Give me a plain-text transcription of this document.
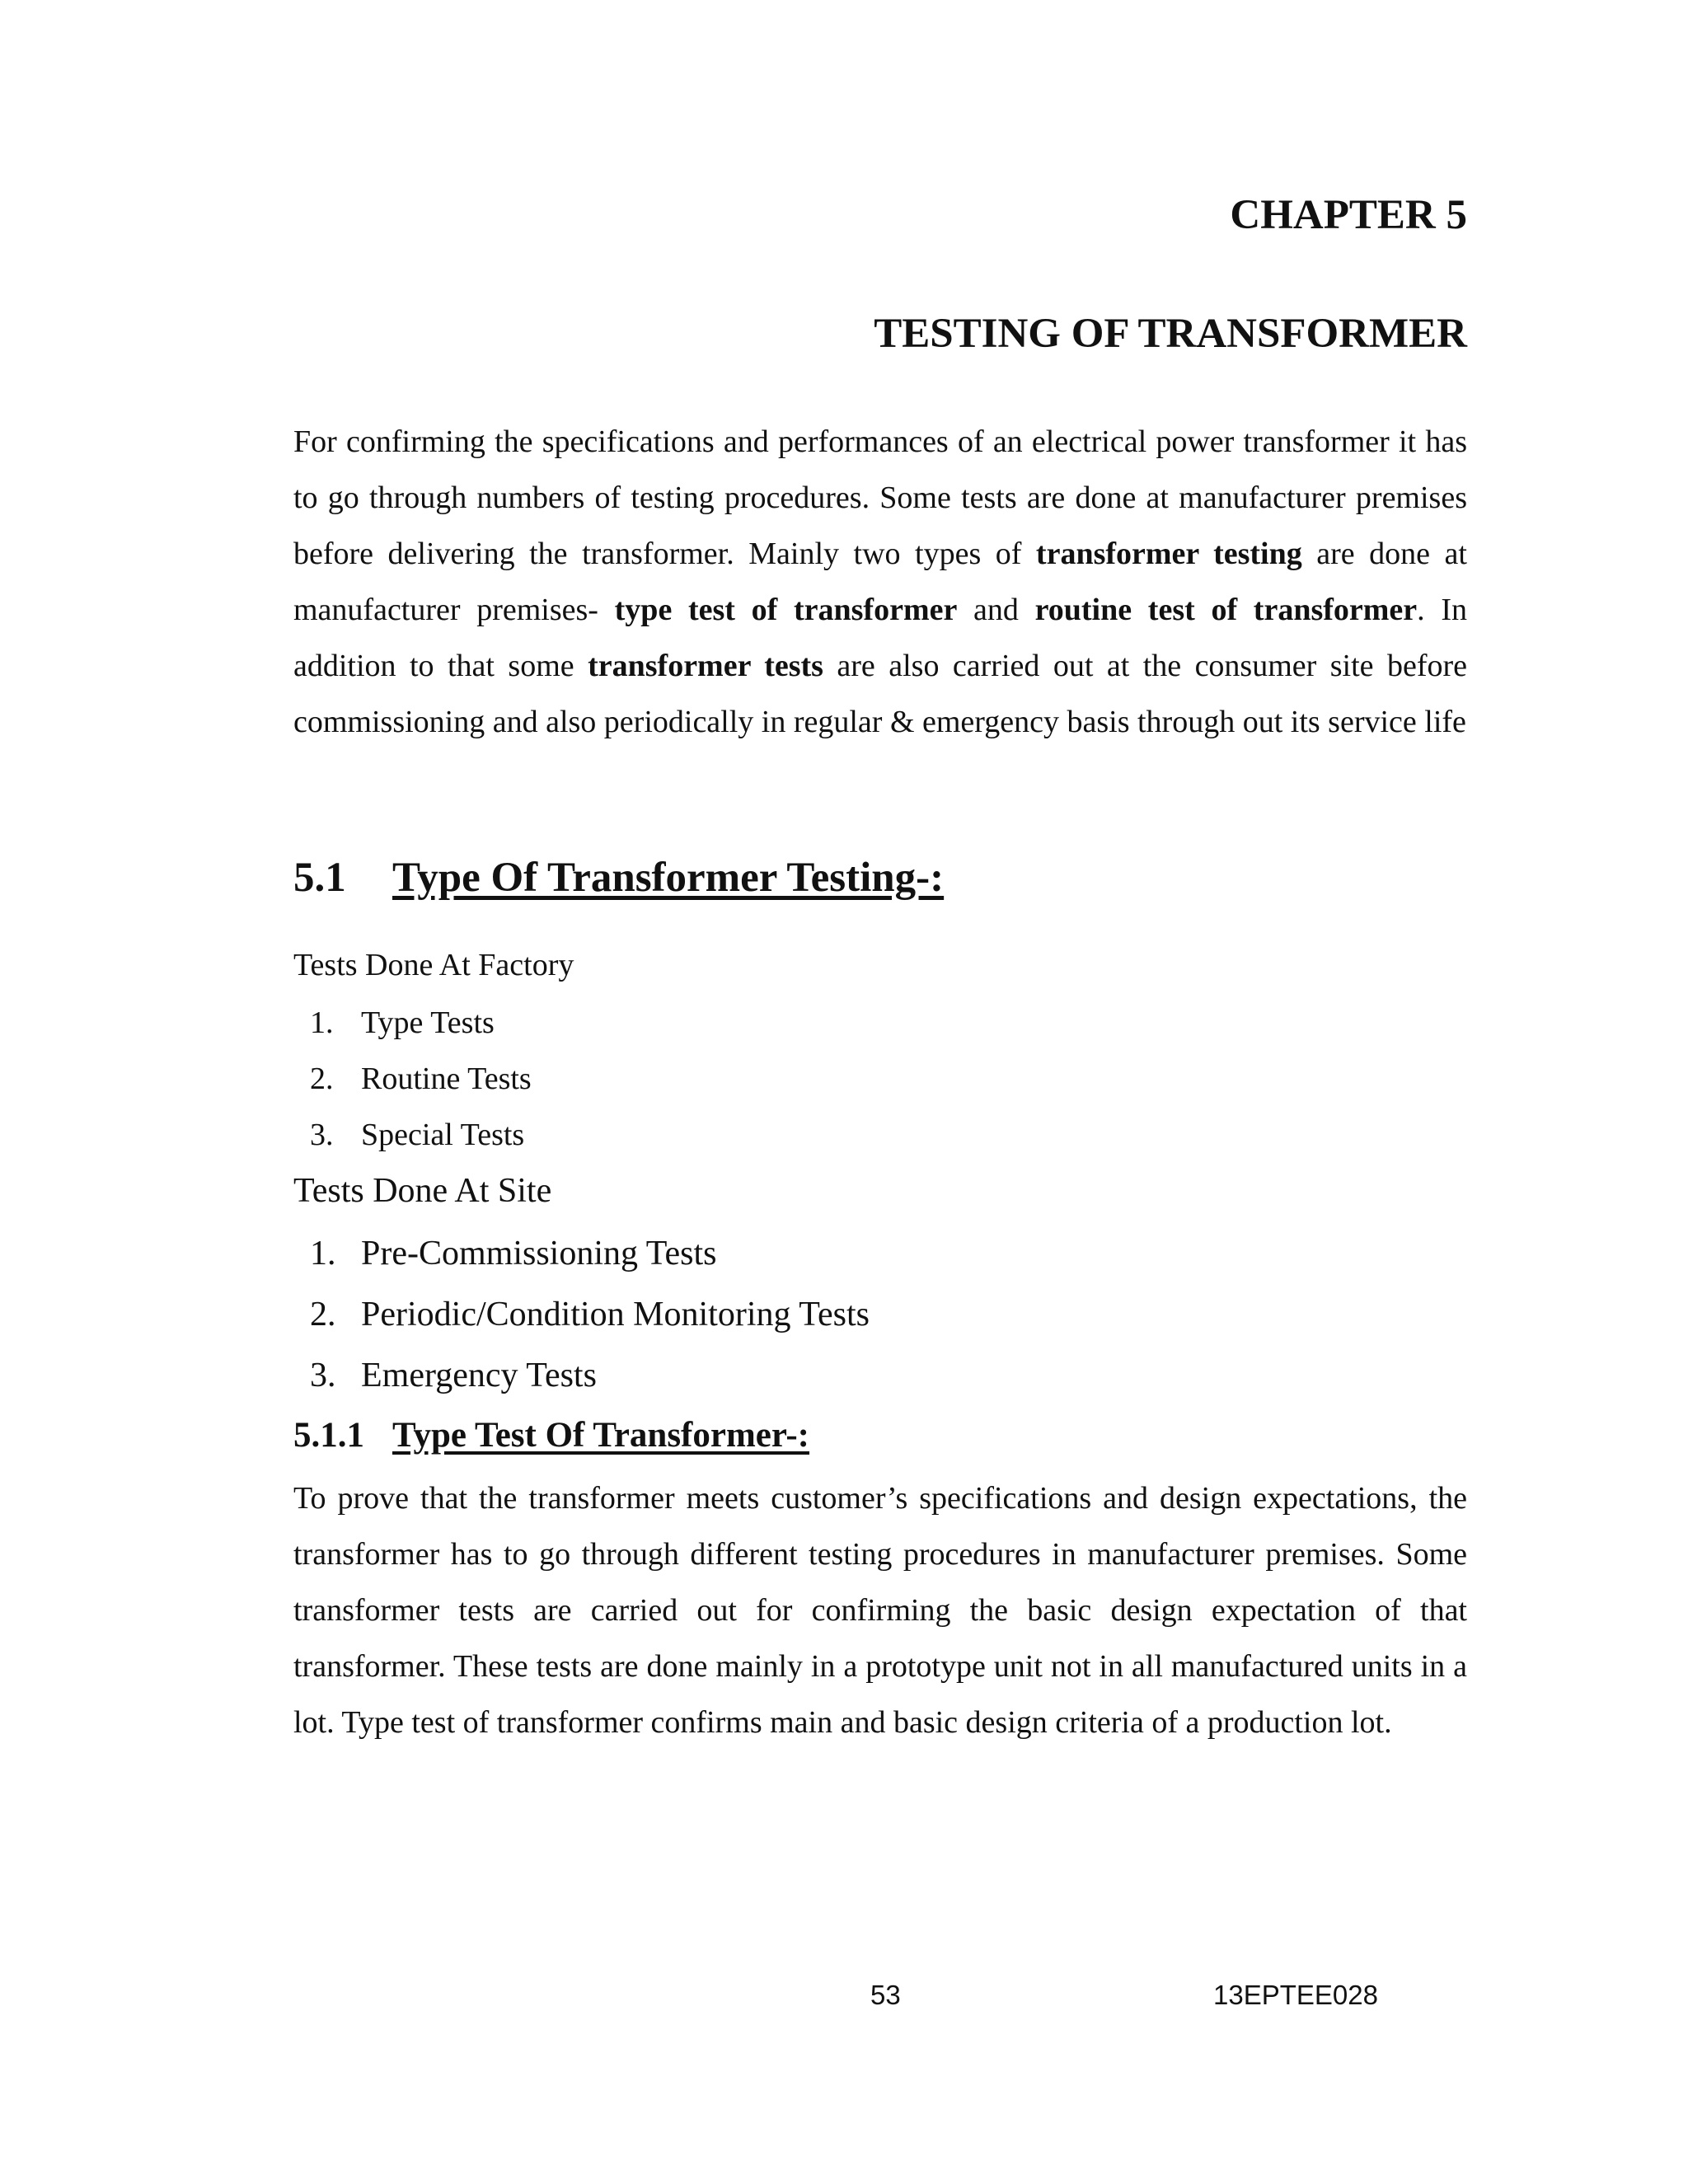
CHAPTER 5
TESTING OF TRANSFORMER

For confirming the specifications and performances of an electrical power transformer it has to go through numbers of testing procedures. Some tests are done at manufacturer premises before delivering the transformer. Mainly two types of transformer testing are done at manufacturer premises- type test of transformer and routine test of transformer. In addition to that some transformer tests are also carried out at the consumer site before commissioning and also periodically in regular & emergency basis through out its service life

5.1 Type Of Transformer Testing-:
Tests Done At Factory
1. Type Tests
2. Routine Tests
3. Special Tests
Tests Done At Site
1. Pre-Commissioning Tests
2. Periodic/Condition Monitoring Tests
3. Emergency Tests
5.1.1 Type Test Of Transformer-:

To prove that the transformer meets customer’s specifications and design expectations, the transformer has to go through different testing procedures in manufacturer premises. Some transformer tests are carried out for confirming the basic design expectation of that transformer. These tests are done mainly in a prototype unit not in all manufactured units in a lot. Type test of transformer confirms main and basic design criteria of a production lot.

53	13EPTEE028
